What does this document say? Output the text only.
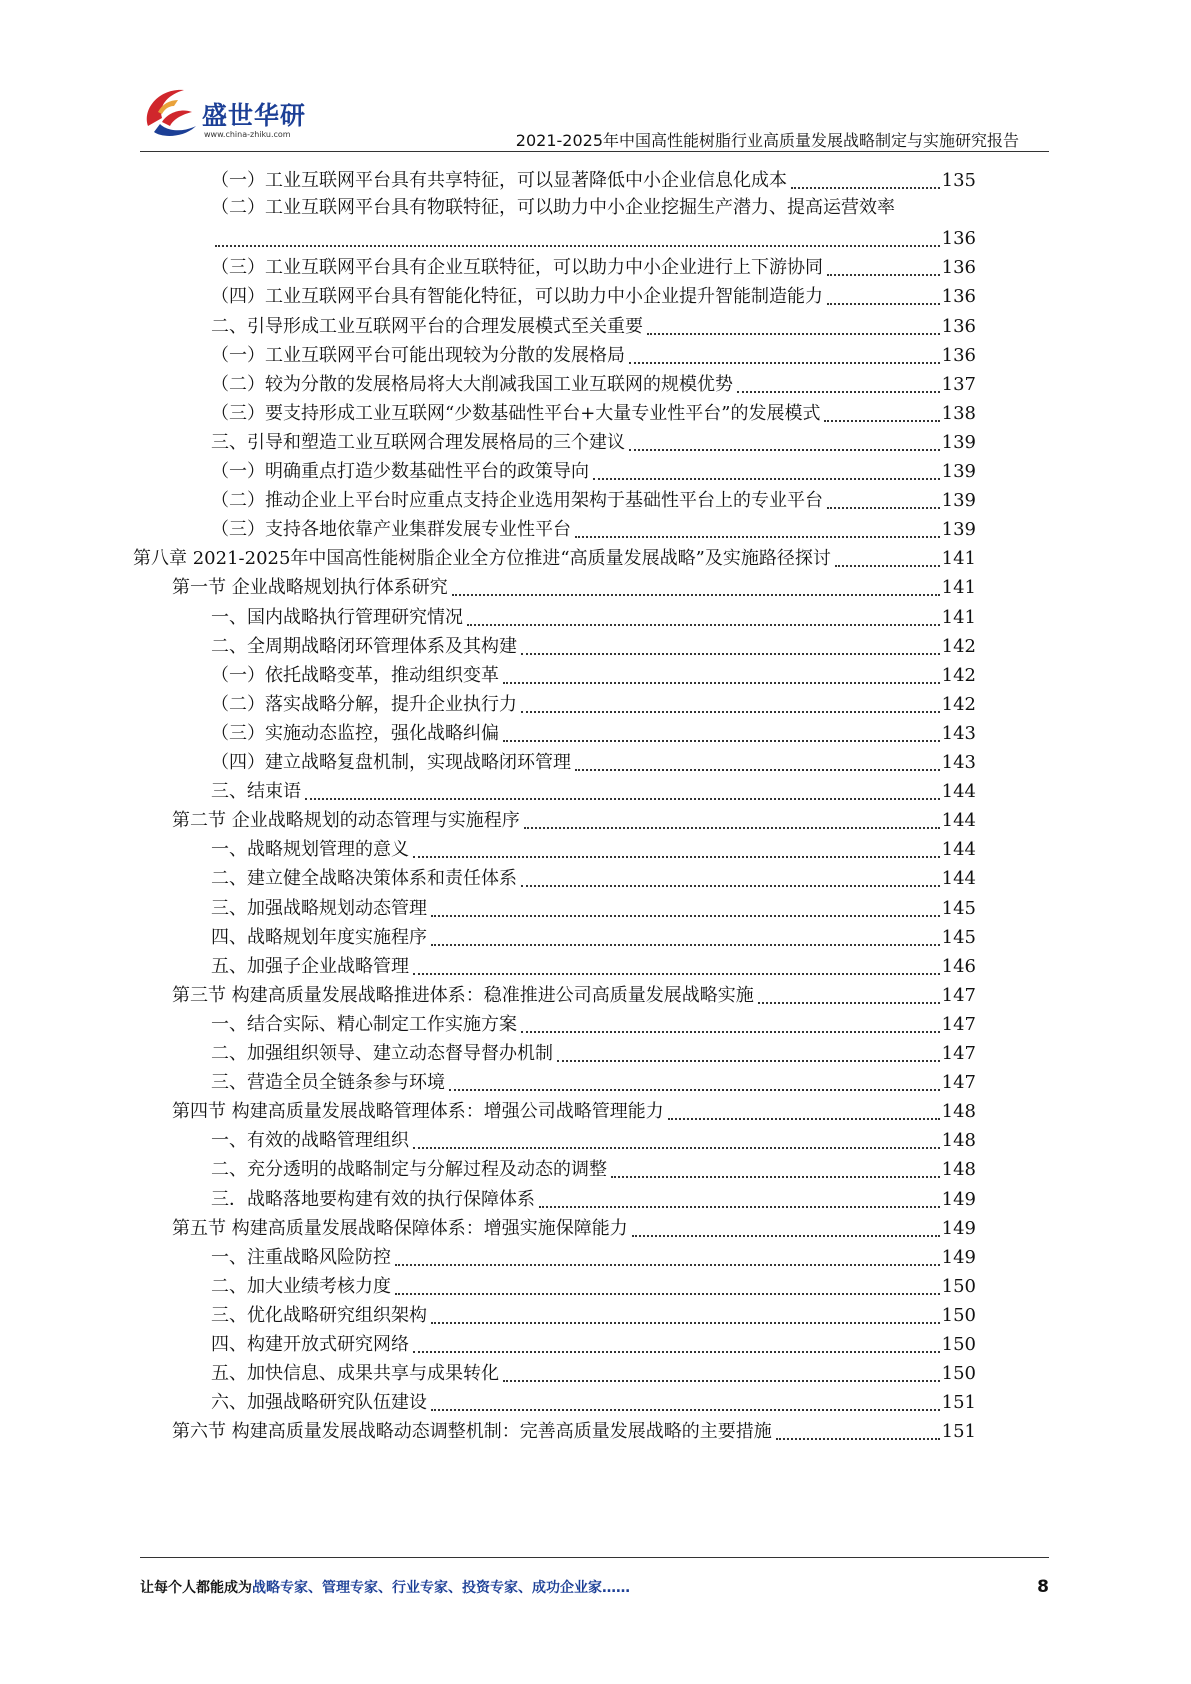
盛世华研
www.china-zhiku.com	2021-2025年中国高性能树脂行业高质量发展战略制定与实施研究报告
（一）工业互联网平台具有共享特征，可以显著降低中小企业信息化成本	135
（二）工业互联网平台具有物联特征，可以助力中小企业挖掘生产潜力、提高运营效率
136
（三）工业互联网平台具有企业互联特征，可以助力中小企业进行上下游协同	136
（四）工业互联网平台具有智能化特征，可以助力中小企业提升智能制造能力	136
二、引导形成工业互联网平台的合理发展模式至关重要	136
（一）工业互联网平台可能出现较为分散的发展格局	136
（二）较为分散的发展格局将大大削减我国工业互联网的规模优势	137
（三）要支持形成工业互联网“少数基础性平台+大量专业性平台”的发展模式	138
三、引导和塑造工业互联网合理发展格局的三个建议	139
（一）明确重点打造少数基础性平台的政策导向	139
（二）推动企业上平台时应重点支持企业选用架构于基础性平台上的专业平台	139
（三）支持各地依靠产业集群发展专业性平台	139
第八章 2021-2025年中国高性能树脂企业全方位推进“高质量发展战略”及实施路径探讨	141
第一节 企业战略规划执行体系研究	141
一、国内战略执行管理研究情况	141
二、全周期战略闭环管理体系及其构建	142
（一）依托战略变革，推动组织变革	142
（二）落实战略分解，提升企业执行力	142
（三）实施动态监控，强化战略纠偏	143
（四）建立战略复盘机制，实现战略闭环管理	143
三、结束语	144
第二节 企业战略规划的动态管理与实施程序	144
一、战略规划管理的意义	144
二、建立健全战略决策体系和责任体系	144
三、加强战略规划动态管理	145
四、战略规划年度实施程序	145
五、加强子企业战略管理	146
第三节 构建高质量发展战略推进体系：稳准推进公司高质量发展战略实施	147
一、结合实际、精心制定工作实施方案	147
二、加强组织领导、建立动态督导督办机制	147
三、营造全员全链条参与环境	147
第四节 构建高质量发展战略管理体系：增强公司战略管理能力	148
一、有效的战略管理组织	148
二、充分透明的战略制定与分解过程及动态的调整	148
三．战略落地要构建有效的执行保障体系	149
第五节 构建高质量发展战略保障体系：增强实施保障能力	149
一、注重战略风险防控	149
二、加大业绩考核力度	150
三、优化战略研究组织架构	150
四、构建开放式研究网络	150
五、加快信息、成果共享与成果转化	150
六、加强战略研究队伍建设	151
第六节 构建高质量发展战略动态调整机制：完善高质量发展战略的主要措施	151
让每个人都能成为战略专家、管理专家、行业专家、投资专家、成功企业家……	8
